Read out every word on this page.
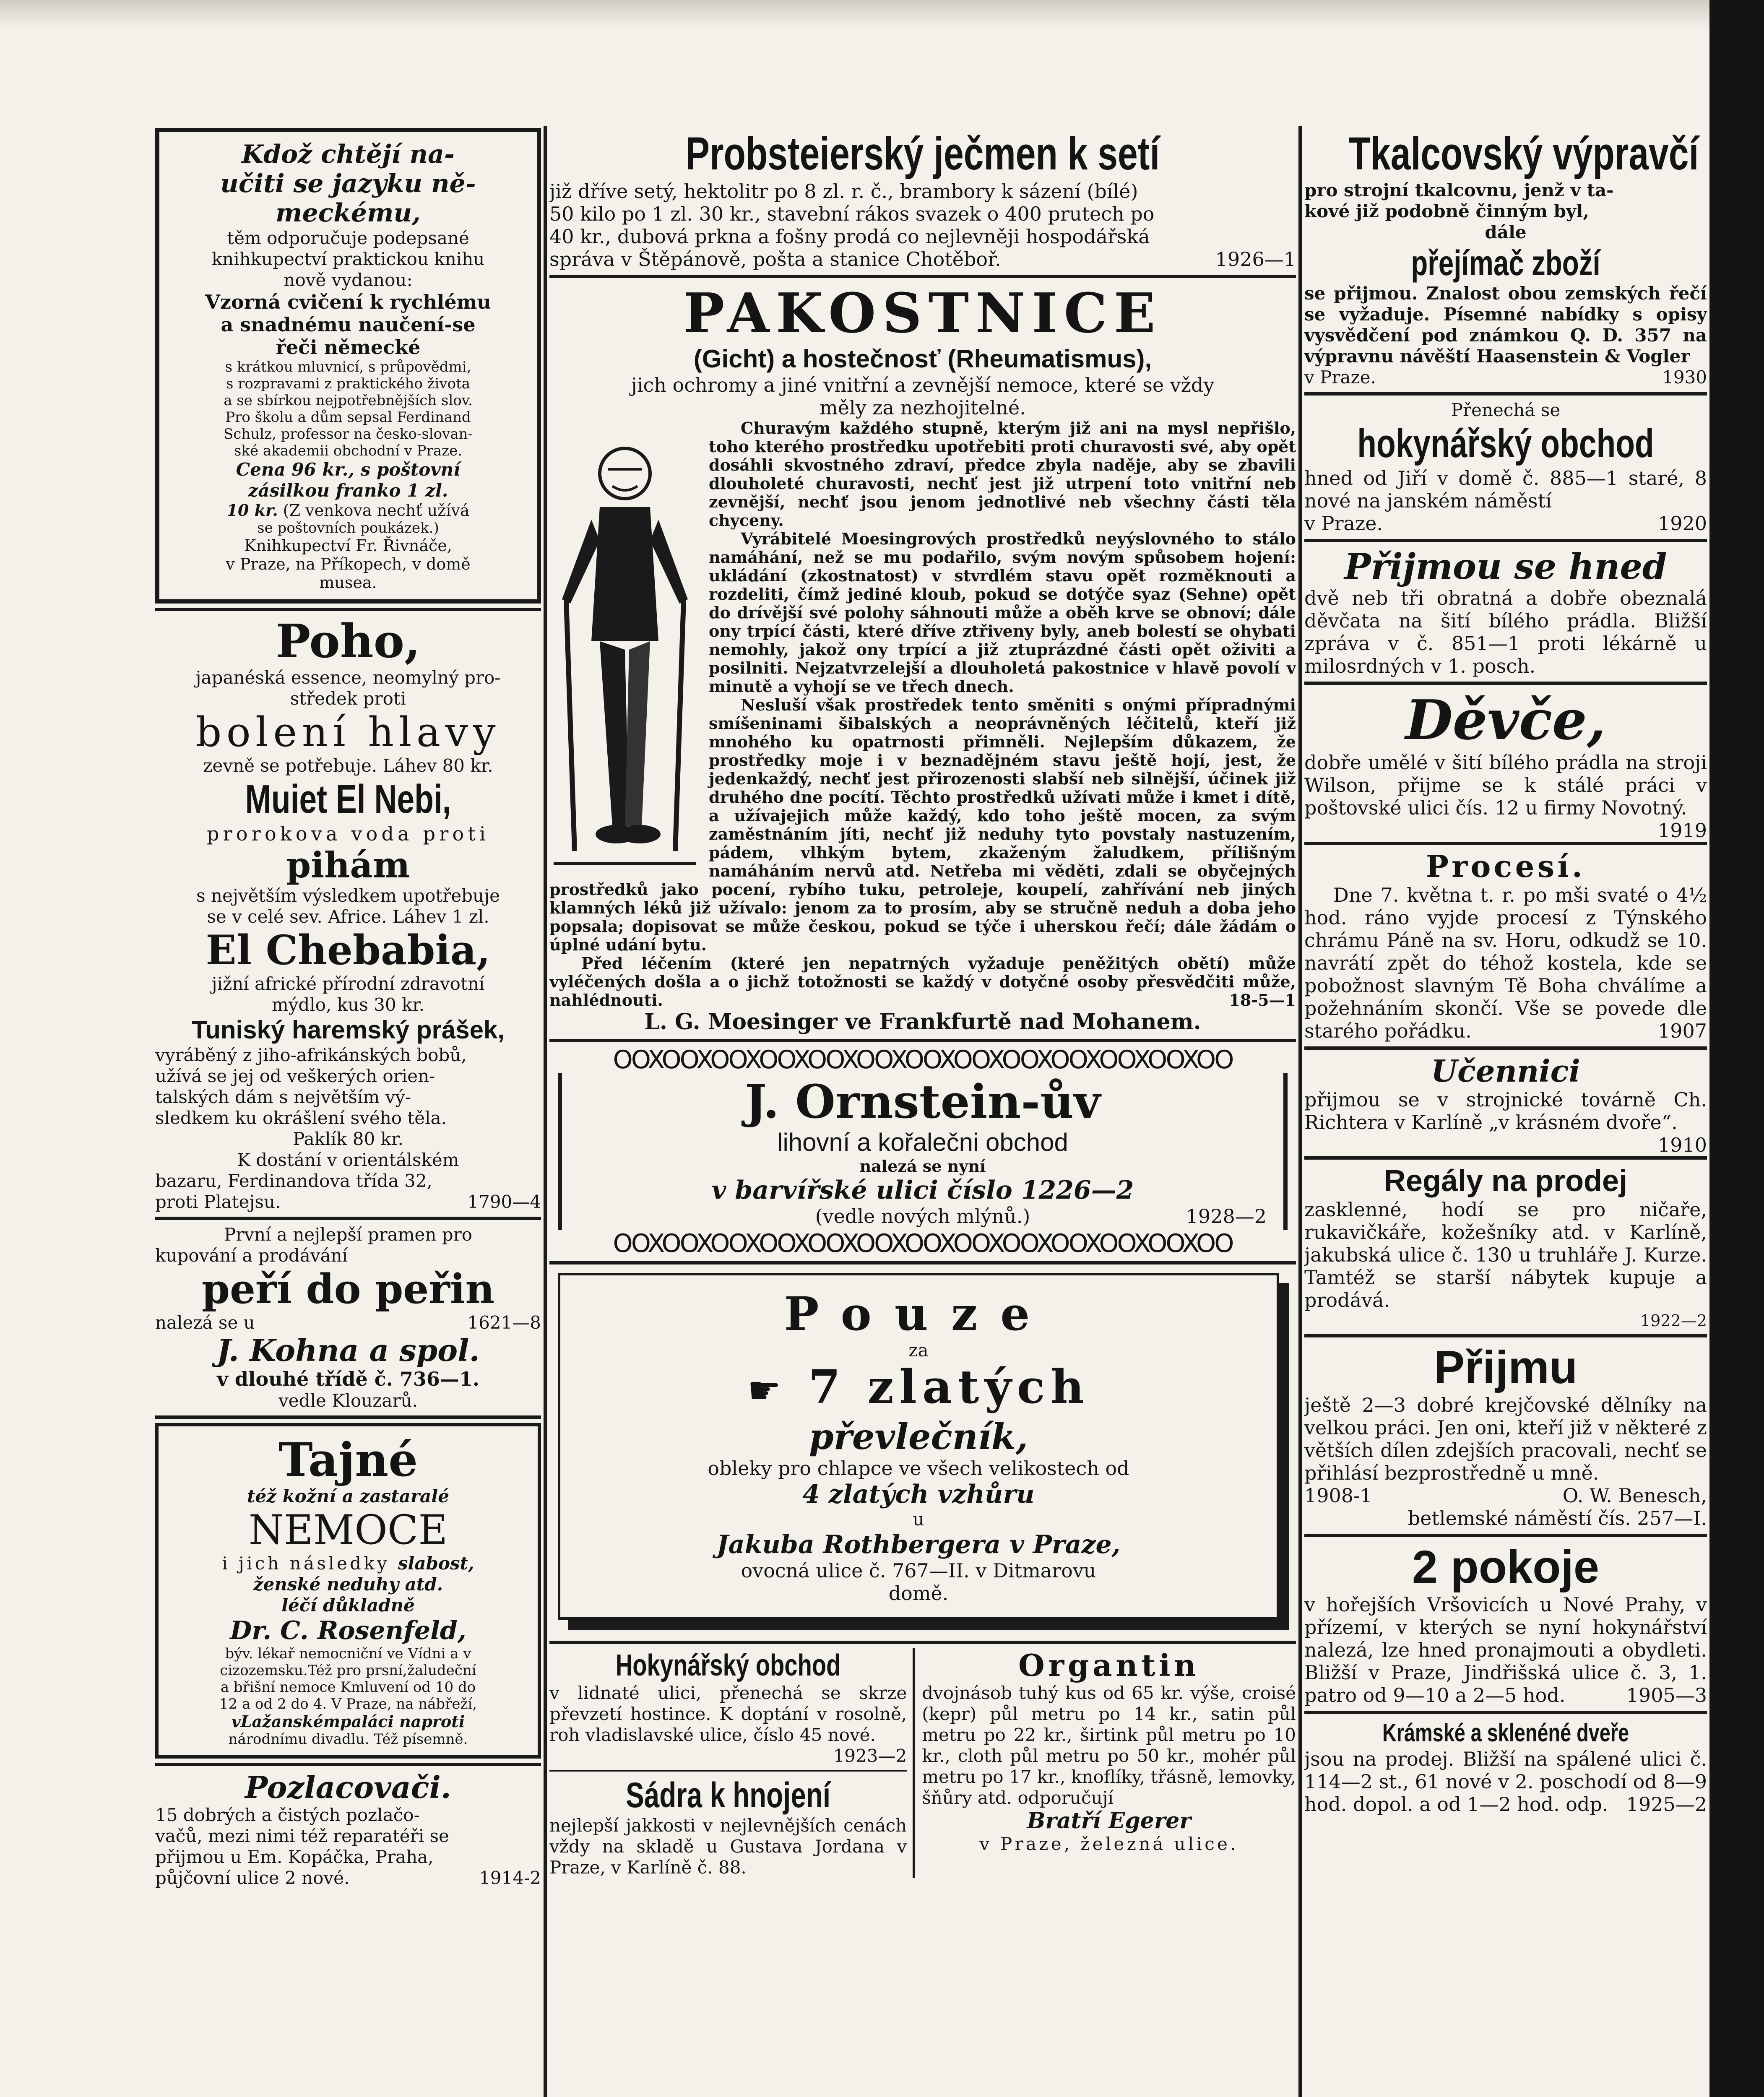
Kdož chtějí na-

učiti se jazyku ně-

meckému,

těm odporučuje podepsané

knihkupectví praktickou knihu

nově vydanou:

Vzorná cvičení k rychlému

a snadnému naučení-se

řeči německé

s krátkou mluvnicí, s průpovědmi,

s rozpravami z praktického života

a se sbírkou nejpotřebnějších slov.

Pro školu a dům sepsal Ferdinand

Schulz, professor na česko-slovan-

ské akademii obchodní v Praze.

Cena 96 kr., s poštovní

zásilkou franko 1 zl.

10 kr. (Z venkova nechť užívá

se poštovních poukázek.)

Knihkupectví Fr. Řivnáče,

v Praze, na Příkopech, v domě

musea.

Poho,

japanéská essence, neomylný pro-

středek proti

bolení hlavy

zevně se potřebuje. Láhev 80 kr.

Muiet El Nebi,

prorokova voda proti

pihám

s největším výsledkem upotřebuje

se v celé sev. Africe. Láhev 1 zl.

El Chebabia,

jižní africké přírodní zdravotní

mýdlo, kus 30 kr.

Tuniský haremský prášek,

vyráběný z jiho-afrikánských bobů,

užívá se jej od veškerých orien-

talských dám s největším vý-

sledkem ku okrášlení svého těla.

Paklík 80 kr.

K dostání v orientálském

bazaru, Ferdinandova třída 32,

proti Platejsu.	1790—4

První a nejlepší pramen pro

kupování a prodávání

peří do peřin

nalezá se u	1621—8

J. Kohna a spol.

v dlouhé třídě č. 736—1.

vedle Klouzarů.

Tajné

též kožní a zastaralé

NEMOCE

i jich následky slabost,

ženské neduhy atd.

léčí důkladně

Dr. C. Rosenfeld,

býv. lékař nemocniční ve Vídni a v

cizozemsku.Též pro prsní,žaludeční

a břišní nemoce Kmluvení od 10 do

12 a od 2 do 4. V Praze, na nábřeží,

vLažanskémpaláci naproti

národnímu divadlu. Též písemně.

Pozlacovači.

15 dobrých a čistých pozlačo-

vačů, mezi nimi též reparatéři se

přijmou u Em. Kopáčka, Praha,

půjčovní ulice 2 nové.	1914-2

Probsteierský ječmen k setí

již dříve setý, hektolitr po 8 zl. r. č., brambory k sázení (bílé)

50 kilo po 1 zl. 30 kr., stavební rákos svazek o 400 prutech po

40 kr., dubová prkna a fošny prodá co nejlevněji hospodářská

správa v Štěpánově, pošta a stanice Chotěboř.	1926—1

PAKOSTNICE

(Gicht) a hostečnosť (Rheumatismus),

jich ochromy a jiné vnitřní a zevnější nemoce, které se vždy

měly za nezhojitelné.

Churavým každého stupně, kterým již ani na mysl nepřišlo, toho kterého prostředku upotřebiti proti churavosti své, aby opět dosáhli skvostného zdraví, předce zbyla naděje, aby se zbavili dlouholeté churavosti, nechť jest již utrpení toto vnitřní neb zevnější, nechť jsou jenom jednotlivé neb všechny části těla chyceny.

Vyrábitelé Moesingrových prostředků neyýslovného to stálo namáhání, než se mu podařilo, svým novým spůsobem hojení: ukládání (zkostnatost) v stvrdlém stavu opět rozměknouti a rozdeliti, čímž jediné kloub, pokud se dotýče syaz (Sehne) opět do drívější své polohy sáhnouti může a oběh krve se obnoví; dále ony trpící části, které dříve ztřiveny byly, aneb bolestí se ohybati nemohly, jakož ony trpící a již ztuprázdné části opět oživiti a posilniti. Nejzatvrzelejší a dlouholetá pakostnice v hlavě povolí v minutě a vyhojí se ve třech dnech.

Nesluší však prostředek tento směniti s onými přípradnými smíšeninami šibalských a neoprávněných léčitelů, kteří již mnohého ku opatrnosti přimněli. Nejlepším důkazem, že prostředky moje i v beznadějném stavu ještě hojí, jest, že jedenkaždý, nechť jest přirozenosti slabší neb silnější, účinek již druhého dne pocítí. Těchto prostředků užívati může i kmet i dítě, a užívajejich může každý, kdo toho ještě mocen, za svým zaměstnáním jíti, nechť již neduhy tyto povstaly nastuzením, pádem, vlhkým bytem, zkaženým žaludkem, přílišným namáháním nervů atd. Netřeba mi věděti, zdali se obyčejných prostředků jako pocení, rybího tuku, petroleje, koupelí, zahřívání neb jiných klamných léků již užívalo: jenom za to prosím, aby se stručně neduh a doba jeho popsala; dopisovat se může českou, pokud se týče i uherskou řečí; dále žádám o úplné udání bytu.

Před léčením (které jen nepatrných vyžaduje peněžitých obětí) může vyléčených došla a o jichž totožnosti se každý v dotyčné osoby přesvědčiti může, nahlédnouti.	18-5—1

L. G. Moesinger ve Frankfurtě nad Mohanem.

OOXOOXOOXOOXOOXOOXOOXOOXOOXOOXOOXOOXOO

J. Ornstein-ův

lihovní a kořalečni obchod

nalezá se nyní

v barvířské ulici číslo 1226—2

(vedle nových mlýnů.)	1928—2

OOXOOXOOXOOXOOXOOXOOXOOXOOXOOXOOXOOXOO

Pouze

za

☛ 7 zlatých

převlečník,

obleky pro chlapce ve všech velikostech od

4 zlatých vzhůru

u

Jakuba Rothbergera v Praze,

ovocná ulice č. 767—II. v Ditmarovu

domě.

Hokynářský obchod

v lidnaté ulici, přenechá se skrze převzetí hostince. K doptání v rosolně, roh vladislavské ulice, číslo 45 nové.

1923—2

Sádra k hnojení

nejlepší jakkosti v nejlevnějších cenách vždy na skladě u Gustava Jordana v Praze, v Karlíně č. 88.

Organtin

dvojnásob tuhý kus od 65 kr. výše, croisé (kepr) půl metru po 14 kr., satin půl metru po 22 kr., širtink půl metru po 10 kr., cloth půl metru po 50 kr., mohér půl metru po 17 kr., knoflíky, třásně, lemovky, šňůry atd. odporučují

Bratří Egerer

v Praze, železná ulice.

Tkalcovský výpravčí

pro strojní tkalcovnu, jenž v ta-

kové již podobně činným byl,

dále

přejímač zboží

se přijmou. Znalost obou zemských řečí se vyžaduje. Písemné nabídky s opisy vysvědčení pod známkou Q. D. 357 na výpravnu návěští Haasenstein & Vogler

v Praze.	1930

Přenechá se

hokynářský obchod

hned od Jiří v domě č. 885—1 staré, 8 nové na janském náměstí

v Praze.	1920

Přijmou se hned

dvě neb tři obratná a dobře obeznalá děvčata na šití bílého prádla. Bližší zpráva v č. 851—1 proti lékárně u milosrdných v 1. posch.

Děvče,

dobře umělé v šití bílého prádla na stroji Wilson, přijme se k stálé práci v poštovské ulici čís. 12 u firmy Novotný.
1919

Procesí.

Dne 7. května t. r. po mši svaté o 4½ hod. ráno vyjde procesí z Týnského chrámu Páně na sv. Horu, odkudž se 10. navrátí zpět do téhož kostela, kde se pobožnost slavným Tě Boha chválíme a požehnáním skončí. Vše se povede dle starého pořádku.	1907

Učennici

přijmou se v strojnické továrně Ch. Richtera v Karlíně „v krásném dvoře“.
1910

Regály na prodej

zasklenné, hodí se pro ničaře, rukavičkáře, kožešníky atd. v Karlíně, jakubská ulice č. 130 u truhláře J. Kurze. Tamtéž se starší nábytek kupuje a prodává.

1922—2

Přijmu

ještě 2—3 dobré krejčovské dělníky na velkou práci. Jen oni, kteří již v některé z větších dílen zdejších pracovali, nechť se přihlásí bezprostředně u mně.

1908-1	O. W. Benesch,

betlemské náměstí čís. 257—I.

2 pokoje

v hořejších Vršovicích u Nové Prahy, v přízemí, v kterých se nyní hokynářství nalezá, lze hned pronajmouti a obydleti. Bližší v Praze, Jindřišská ulice č. 3, 1. patro od 9—10 a 2—5 hod.	1905—3

Krámské a sklenéné dveře

jsou na prodej. Bližší na spálené ulici č. 114—2 st., 61 nové v 2. poschodí od 8—9 hod. dopol. a od 1—2 hod. odp. 1925—2
